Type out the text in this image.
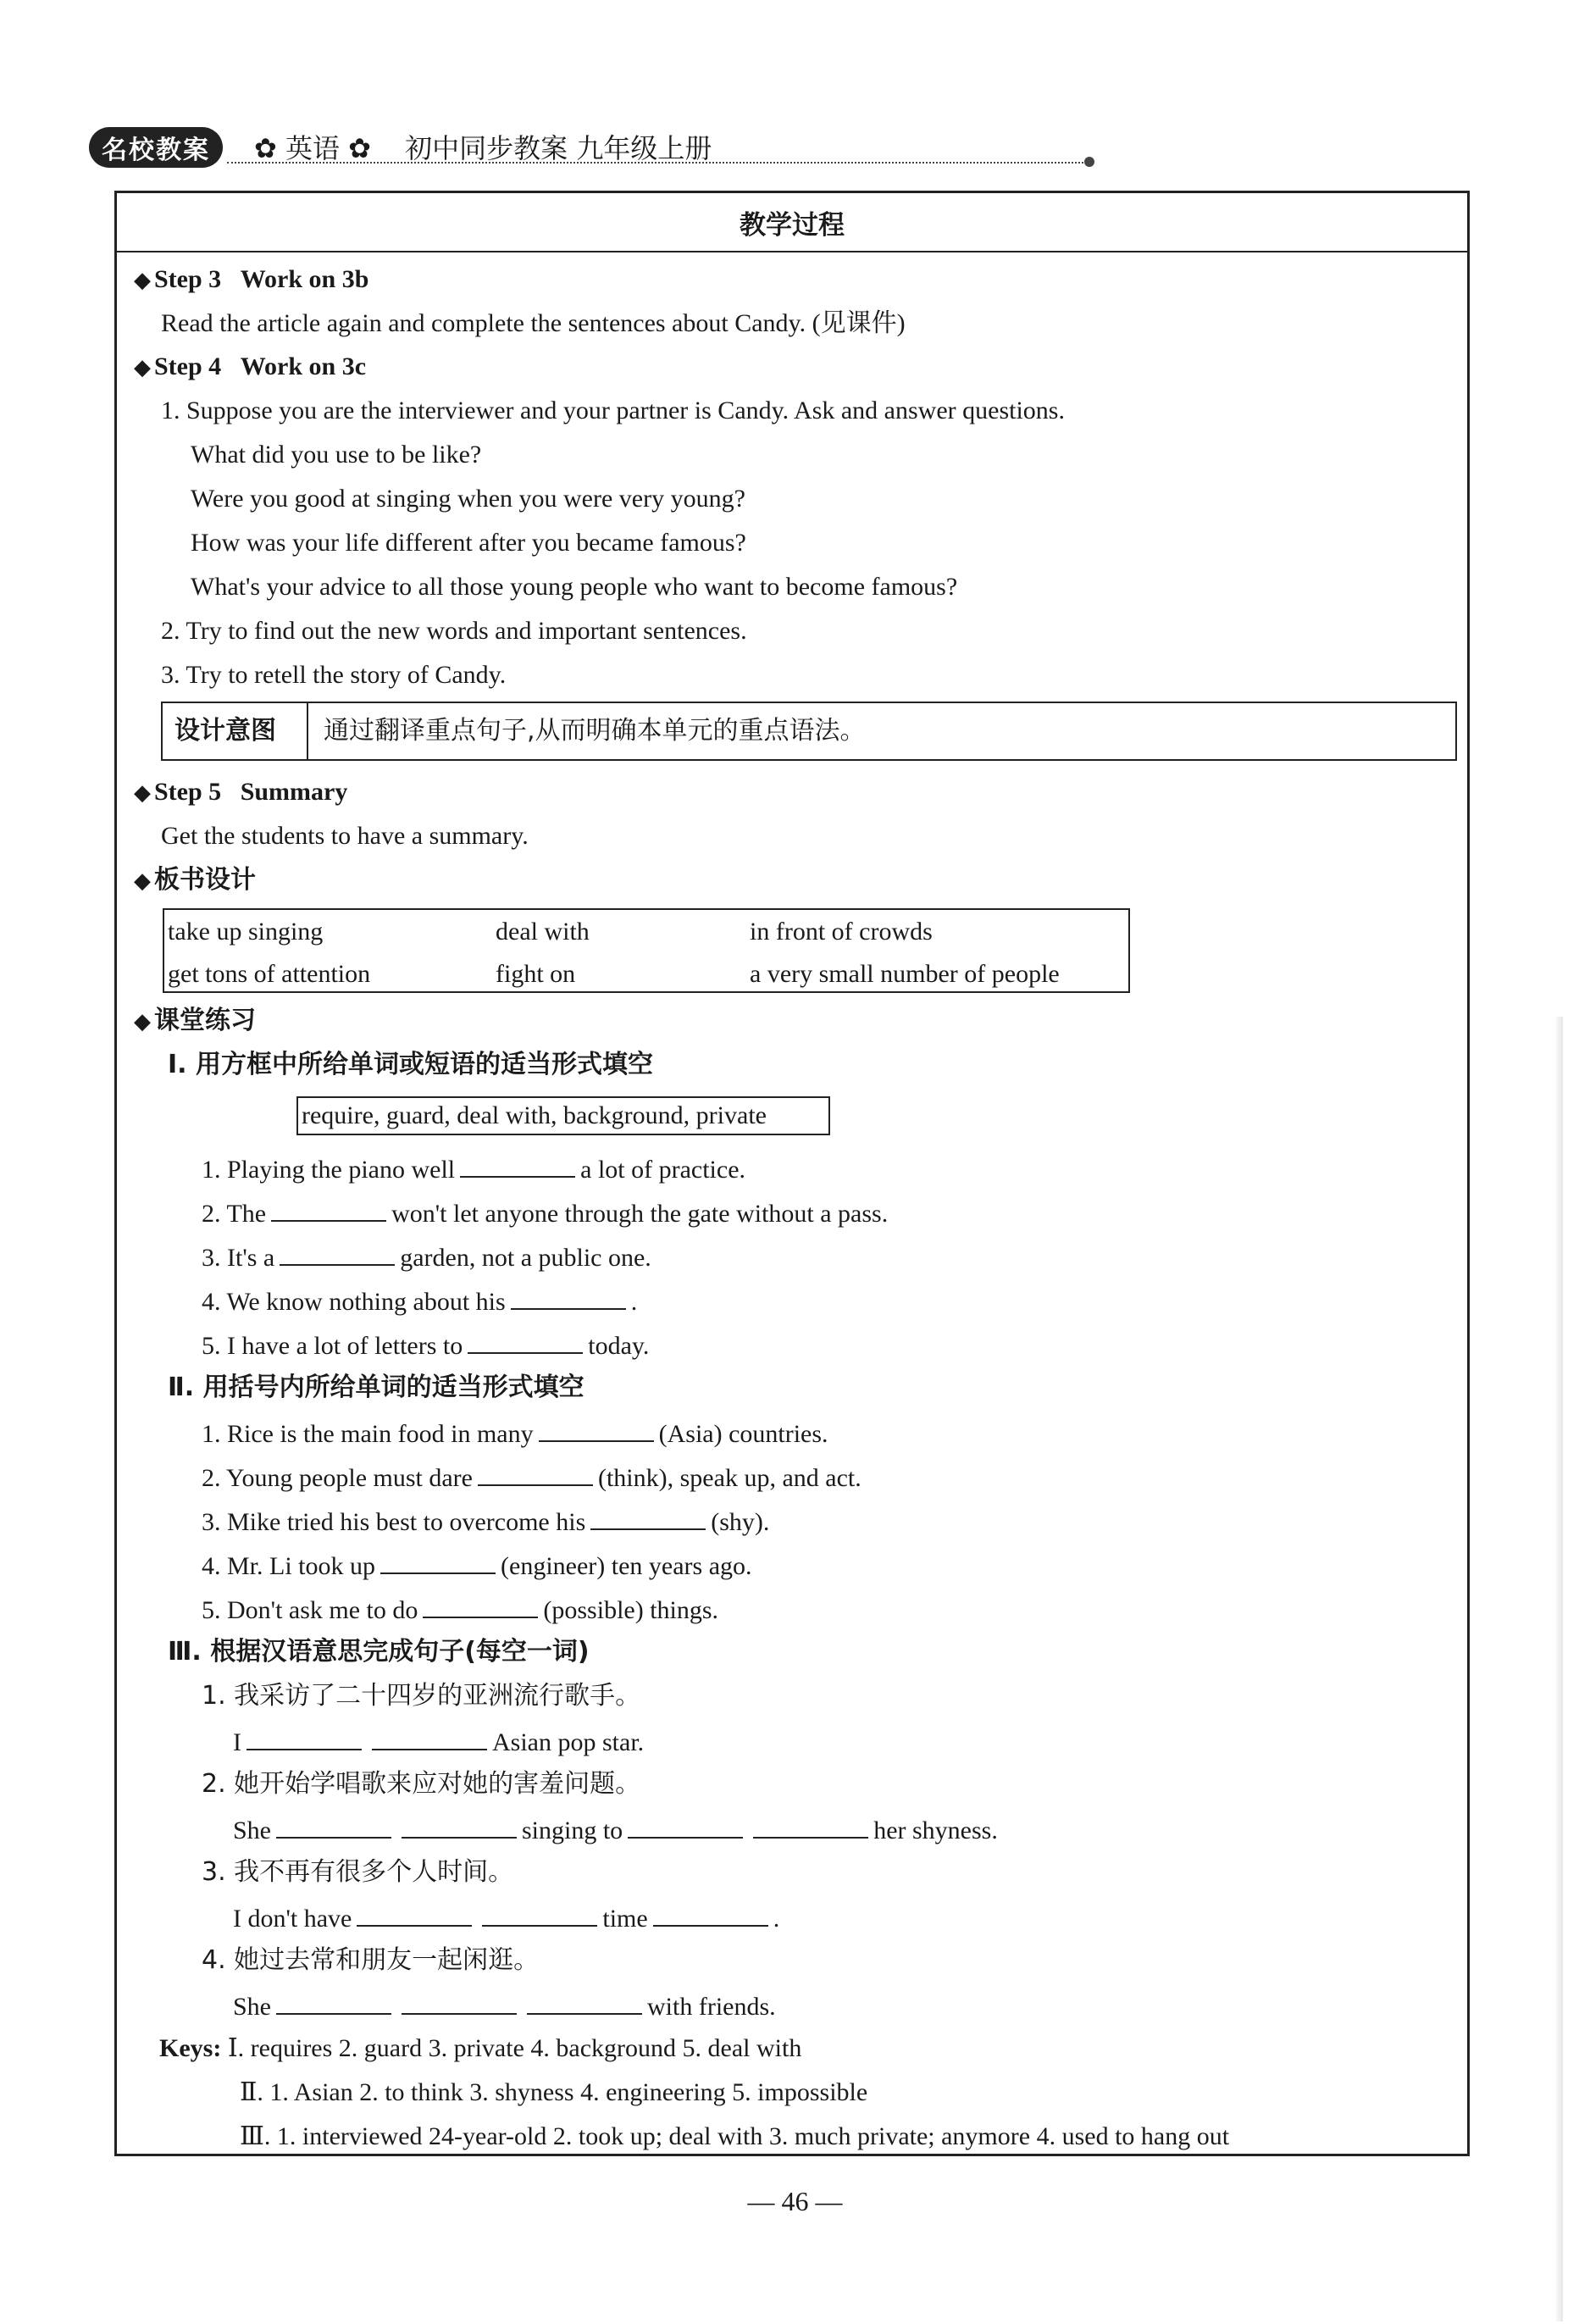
名校教案	✿ 英语 ✿ 初中同步教案 九年级上册
教学过程
◆ Step 3 Work on 3b
Read the article again and complete the sentences about Candy. (见课件)
◆ Step 4 Work on 3c
1. Suppose you are the interviewer and your partner is Candy. Ask and answer questions.
What did you use to be like?
Were you good at singing when you were very young?
How was your life different after you became famous?
What's your advice to all those young people who want to become famous?
2. Try to find out the new words and important sentences.
3. Try to retell the story of Candy.
设计意图 通过翻译重点句子,从而明确本单元的重点语法。
◆ Step 5 Summary
Get the students to have a summary.
◆ 板书设计
take up singing	deal with	in front of crowds
get tons of attention	fight on	a very small number of people
◆ 课堂练习
Ⅰ. 用方框中所给单词或短语的适当形式填空
require, guard, deal with, background, private
1. Playing the piano well	a lot of practice.
2. The	won't let anyone through the gate without a pass.
3. It's a	garden, not a public one.
4. We know nothing about his	.
5. I have a lot of letters to	today.
Ⅱ. 用括号内所给单词的适当形式填空
1. Rice is the main food in many	(Asia) countries.
2. Young people must dare	(think), speak up, and act.
3. Mike tried his best to overcome his	(shy).
4. Mr. Li took up	(engineer) ten years ago.
5. Don't ask me to do	(possible) things.
Ⅲ. 根据汉语意思完成句子(每空一词)
1. 我采访了二十四岁的亚洲流行歌手。
I	Asian pop star.
2. 她开始学唱歌来应对她的害羞问题。
She	singing to	her shyness.
3. 我不再有很多个人时间。
I don't have	time	.
4. 她过去常和朋友一起闲逛。
She	with friends.
Keys: Ⅰ. requires 2. guard 3. private 4. background 5. deal with
Ⅱ. 1. Asian 2. to think 3. shyness 4. engineering 5. impossible
Ⅲ. 1. interviewed 24-year-old 2. took up; deal with 3. much private; anymore 4. used to hang out
— 46 —
